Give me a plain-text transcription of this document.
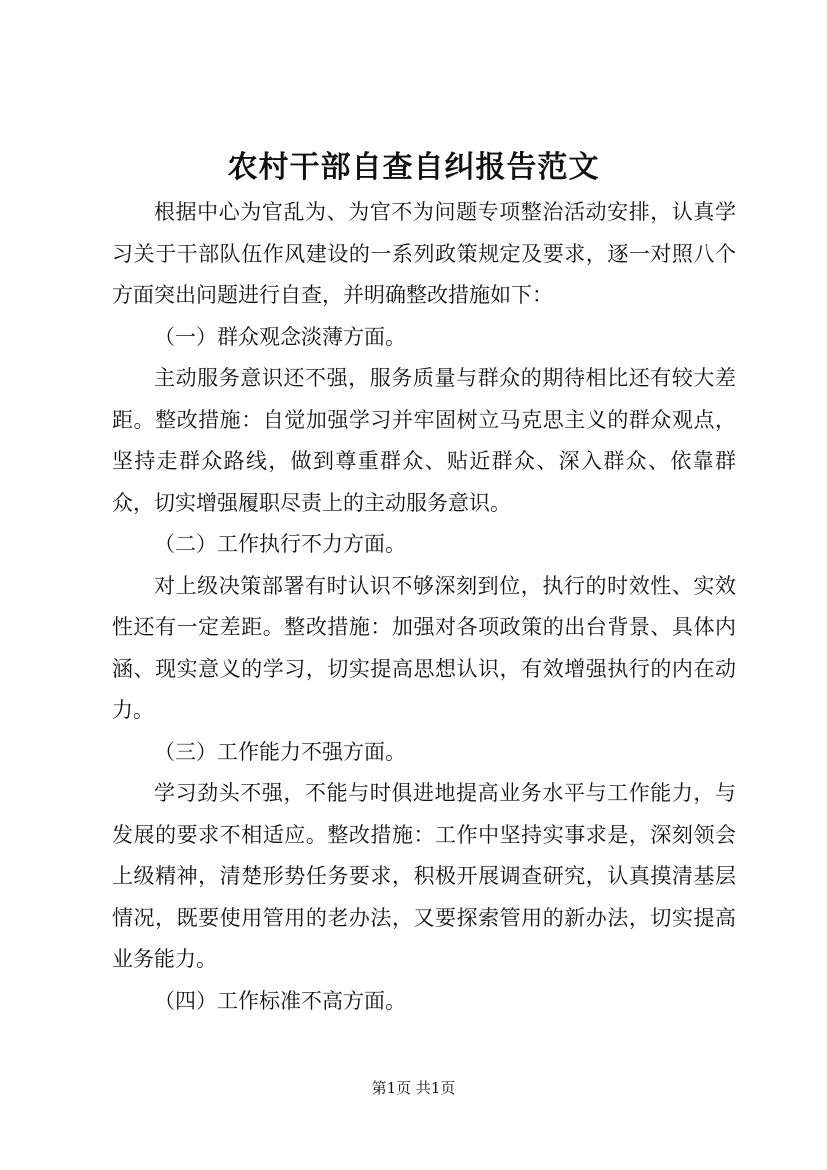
农村干部自查自纠报告范文

根据中心为官乱为、为官不为问题专项整治活动安排，认真学习关于干部队伍作风建设的一系列政策规定及要求，逐一对照八个方面突出问题进行自查，并明确整改措施如下：

（一）群众观念淡薄方面。

主动服务意识还不强，服务质量与群众的期待相比还有较大差距。整改措施：自觉加强学习并牢固树立马克思主义的群众观点，坚持走群众路线，做到尊重群众、贴近群众、深入群众、依靠群众，切实增强履职尽责上的主动服务意识。

（二）工作执行不力方面。

对上级决策部署有时认识不够深刻到位，执行的时效性、实效性还有一定差距。整改措施：加强对各项政策的出台背景、具体内涵、现实意义的学习，切实提高思想认识，有效增强执行的内在动力。

（三）工作能力不强方面。

学习劲头不强，不能与时俱进地提高业务水平与工作能力，与发展的要求不相适应。整改措施：工作中坚持实事求是，深刻领会上级精神，清楚形势任务要求，积极开展调查研究，认真摸清基层情况，既要使用管用的老办法，又要探索管用的新办法，切实提高业务能力。

（四）工作标准不高方面。

第1页 共1页
